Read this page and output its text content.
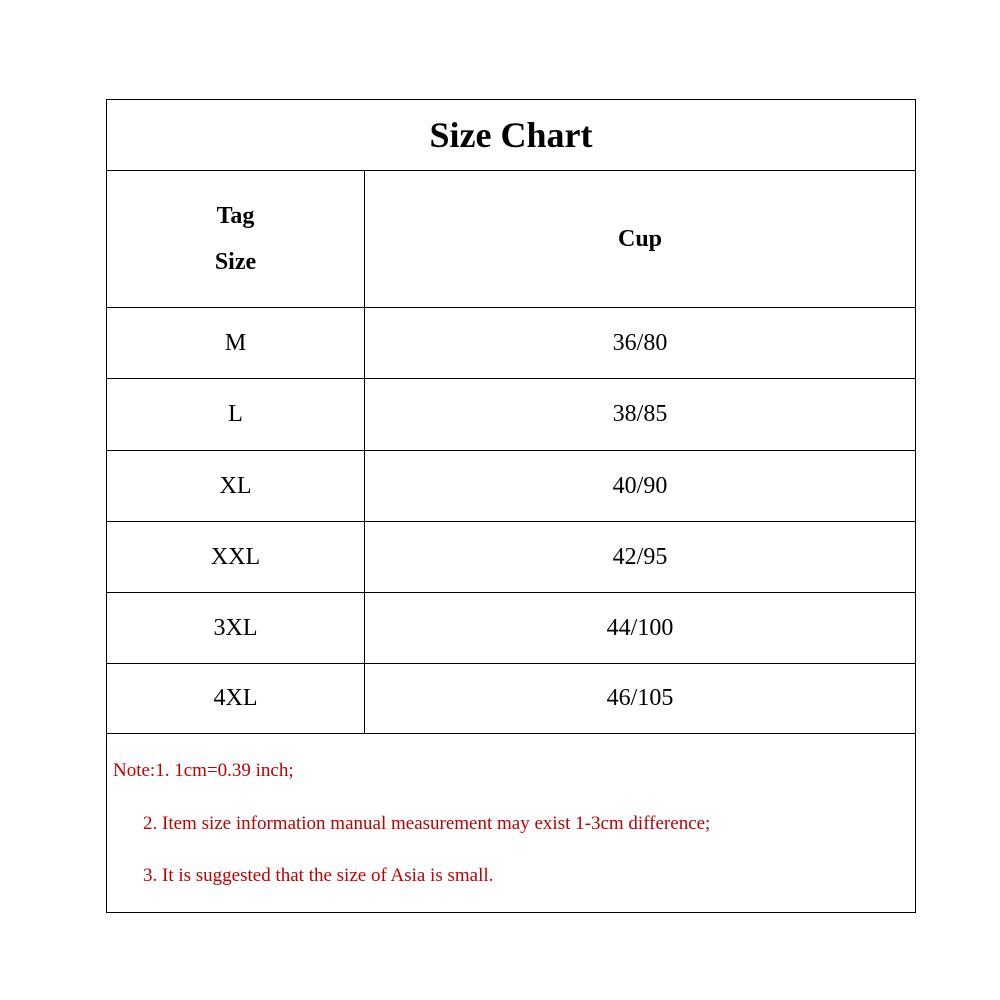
Size Chart
Tag
Size
Cup
M	36/80
L	38/85
XL	40/90
XXL	42/95
3XL	44/100
4XL	46/105
Note:1. 1cm=0.39 inch;
2. Item size information manual measurement may exist 1-3cm difference;
3. It is suggested that the size of Asia is small.
